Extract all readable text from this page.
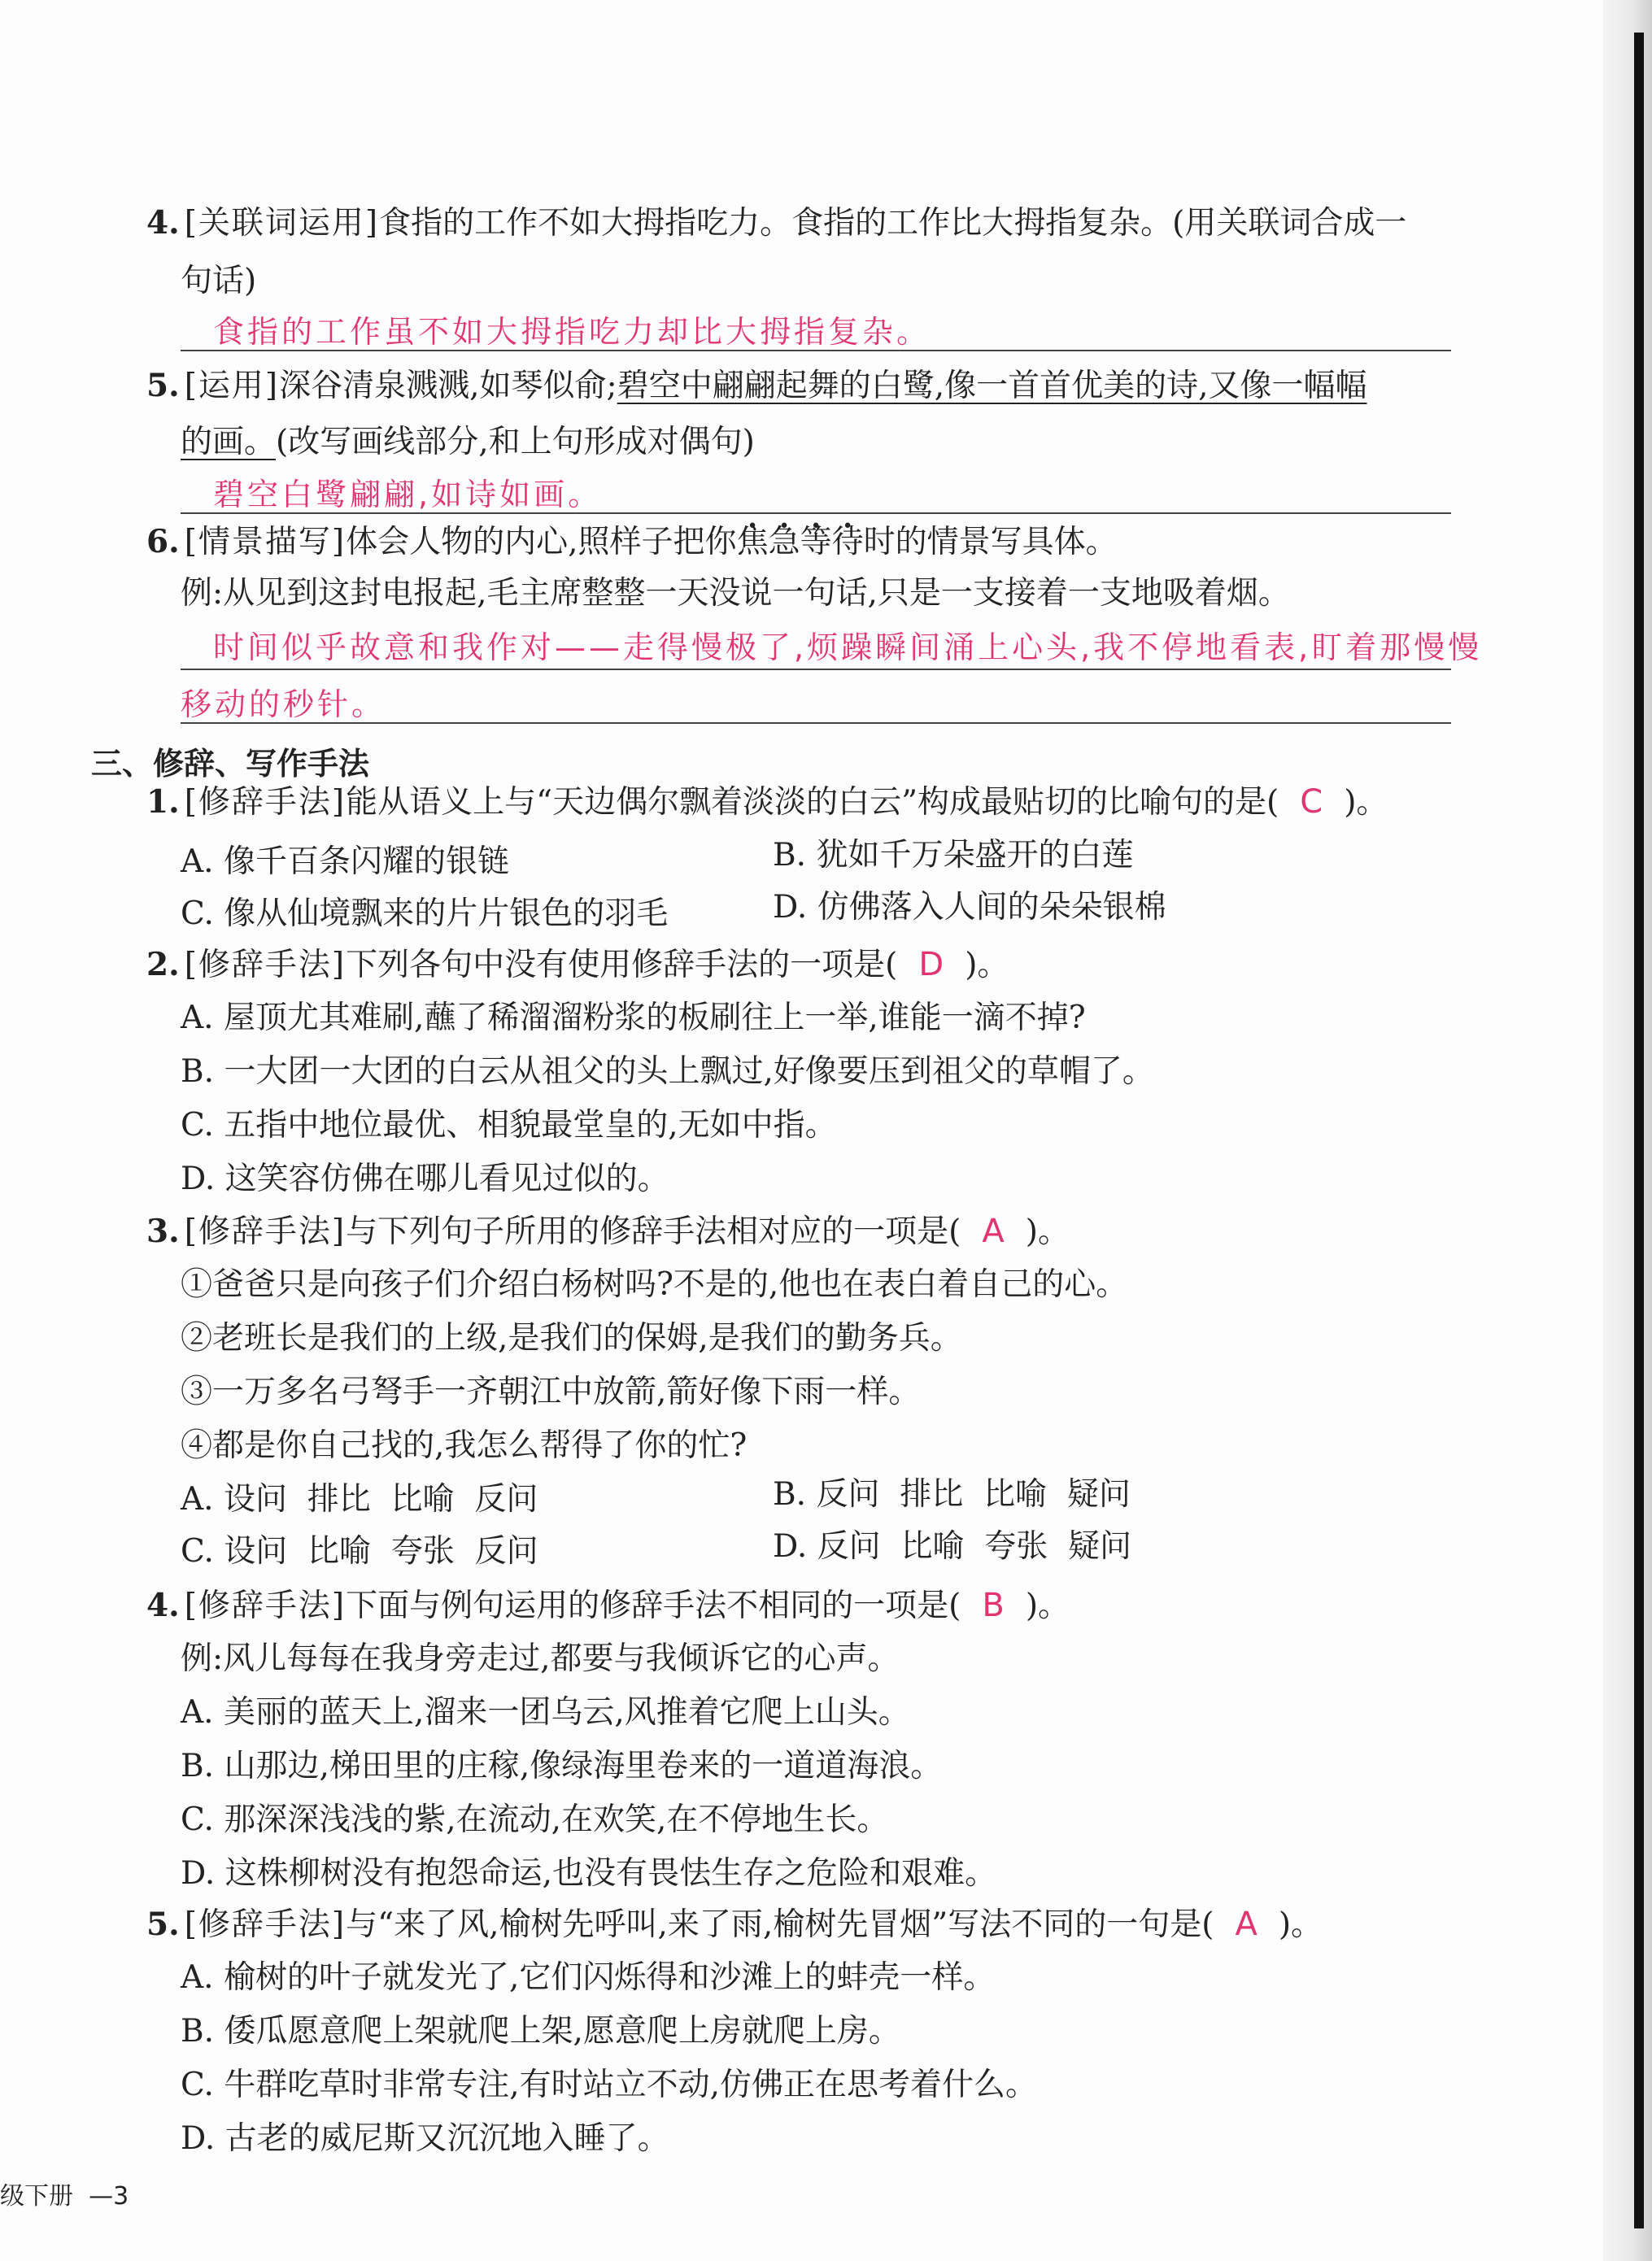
4. [关联词运用]食指的工作不如大拇指吃力。食指的工作比大拇指复杂。(用关联词合成一
句话)
食指的工作虽不如大拇指吃力却比大拇指复杂。
5. [运用]深谷清泉溅溅,如琴似俞;碧空中翩翩起舞的白鹭,像一首首优美的诗,又像一幅幅
的画。(改写画线部分,和上句形成对偶句)
碧空白鹭翩翩,如诗如画。
6. [情景描写]体会人物的内心,照样子把你焦急等待时的情景写具体。
例:从见到这封电报起,毛主席整整一天没说一句话,只是一支接着一支地吸着烟。
时间似乎故意和我作对——走得慢极了,烦躁瞬间涌上心头,我不停地看表,盯着那慢慢
移动的秒针。
三、修辞、写作手法
1. [修辞手法]能从语义上与“天边偶尔飘着淡淡的白云”构成最贴切的比喻句的是( C )。
A. 像千百条闪耀的银链	B. 犹如千万朵盛开的白莲
C. 像从仙境飘来的片片银色的羽毛	D. 仿佛落入人间的朵朵银棉
2. [修辞手法]下列各句中没有使用修辞手法的一项是( D )。
A. 屋顶尤其难刷,蘸了稀溜溜粉浆的板刷往上一举,谁能一滴不掉?
B. 一大团一大团的白云从祖父的头上飘过,好像要压到祖父的草帽了。
C. 五指中地位最优、相貌最堂皇的,无如中指。
D. 这笑容仿佛在哪儿看见过似的。
3. [修辞手法]与下列句子所用的修辞手法相对应的一项是( A )。
①爸爸只是向孩子们介绍白杨树吗?不是的,他也在表白着自己的心。
②老班长是我们的上级,是我们的保姆,是我们的勤务兵。
③一万多名弓弩手一齐朝江中放箭,箭好像下雨一样。
④都是你自己找的,我怎么帮得了你的忙?
A. 设问  排比  比喻  反问	B. 反问  排比  比喻  疑问
C. 设问  比喻  夸张  反问	D. 反问  比喻  夸张  疑问
4. [修辞手法]下面与例句运用的修辞手法不相同的一项是( B )。
例:风儿每每在我身旁走过,都要与我倾诉它的心声。
A. 美丽的蓝天上,溜来一团乌云,风推着它爬上山头。
B. 山那边,梯田里的庄稼,像绿海里卷来的一道道海浪。
C. 那深深浅浅的紫,在流动,在欢笑,在不停地生长。
D. 这株柳树没有抱怨命运,也没有畏怯生存之危险和艰难。
5. [修辞手法]与“来了风,榆树先呼叫,来了雨,榆树先冒烟”写法不同的一句是( A )。
A. 榆树的叶子就发光了,它们闪烁得和沙滩上的蚌壳一样。
B. 倭瓜愿意爬上架就爬上架,愿意爬上房就爬上房。
C. 牛群吃草时非常专注,有时站立不动,仿佛正在思考着什么。
D. 古老的威尼斯又沉沉地入睡了。
级下册  —3
